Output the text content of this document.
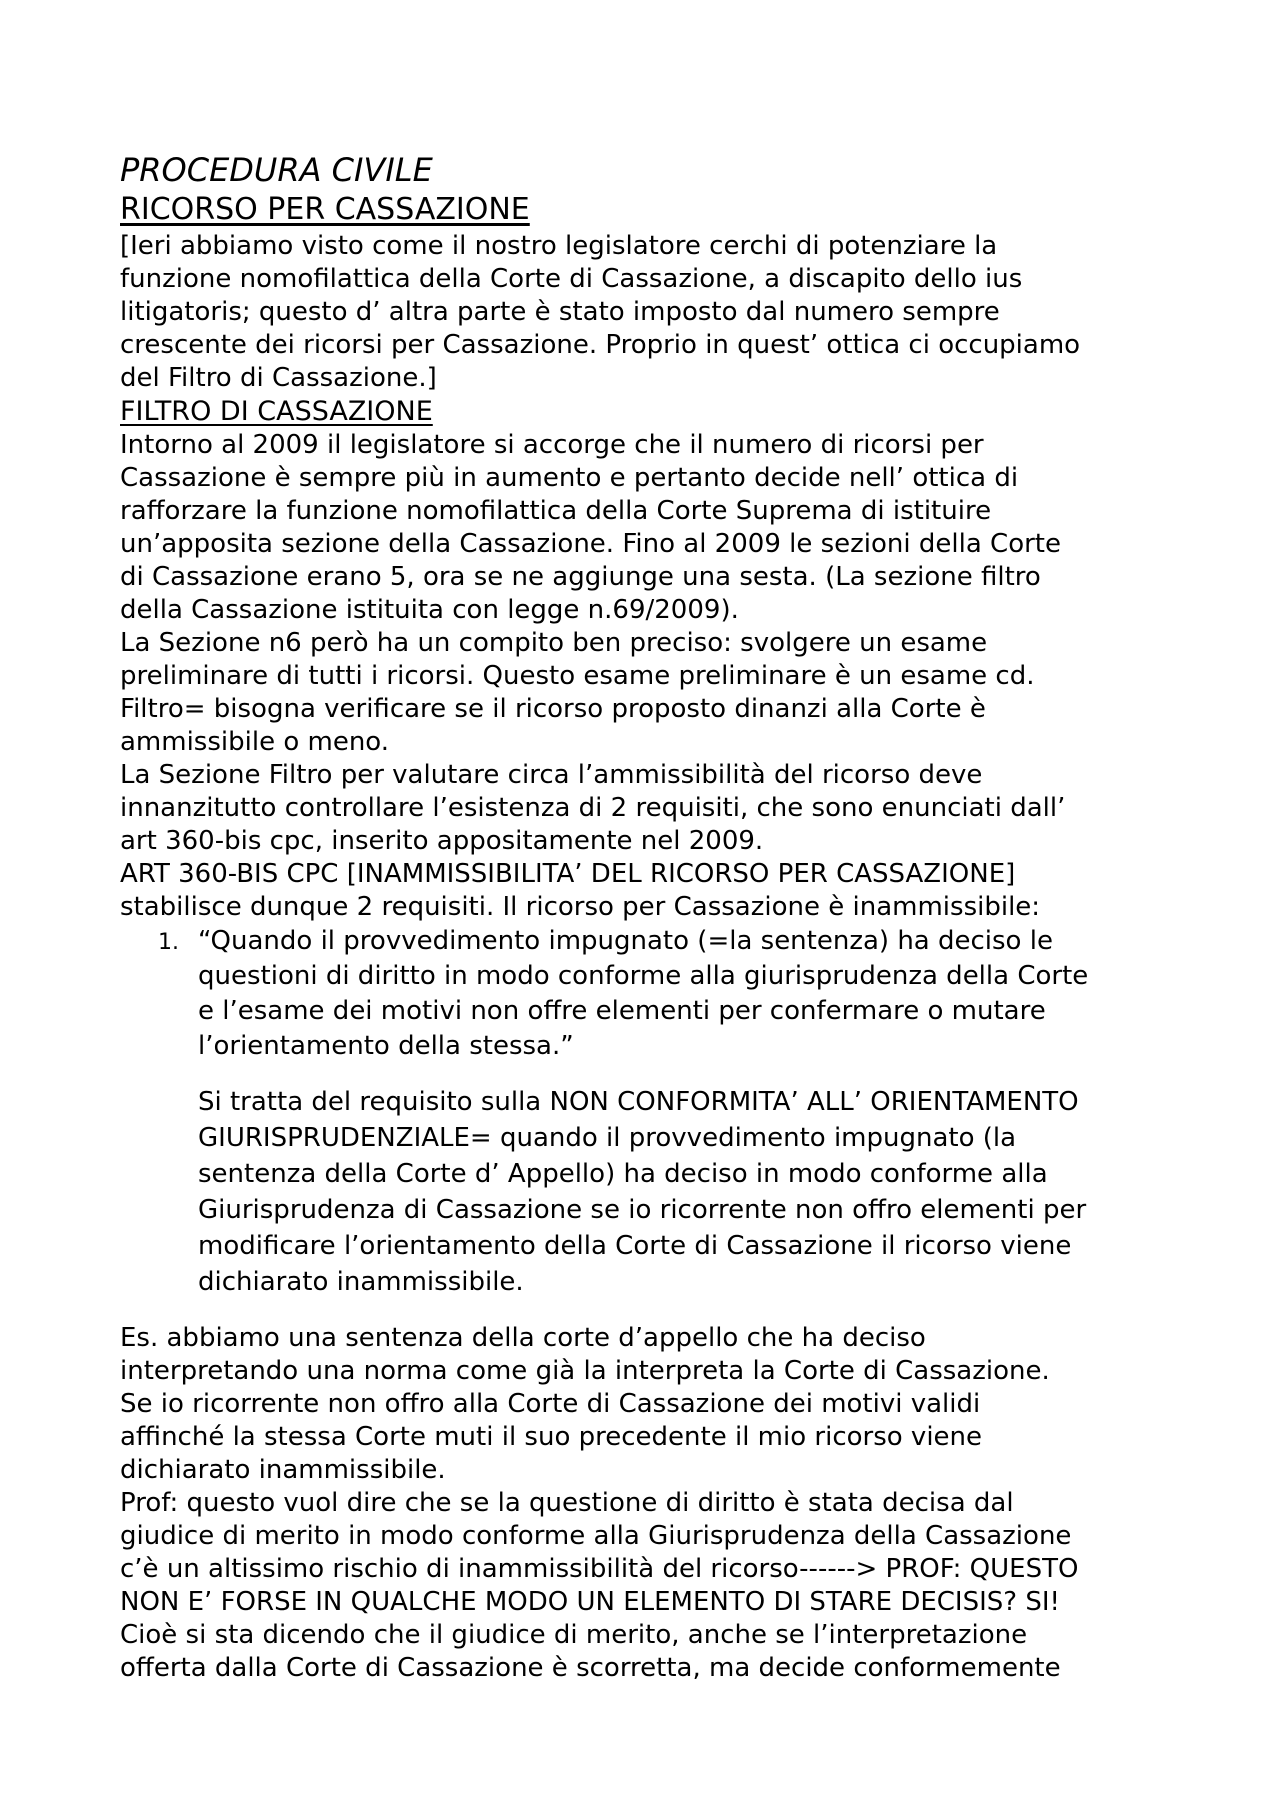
PROCEDURA CIVILE
RICORSO PER CASSAZIONE

[Ieri abbiamo visto come il nostro legislatore cerchi di potenziare la
funzione nomofilattica della Corte di Cassazione, a discapito dello ius
litigatoris; questo d’ altra parte è stato imposto dal numero sempre
crescente dei ricorsi per Cassazione. Proprio in quest’ ottica ci occupiamo
del Filtro di Cassazione.]

FILTRO DI CASSAZIONE

Intorno al 2009 il legislatore si accorge che il numero di ricorsi per
Cassazione è sempre più in aumento e pertanto decide nell’ ottica di
rafforzare la funzione nomofilattica della Corte Suprema di istituire
un’apposita sezione della Cassazione. Fino al 2009 le sezioni della Corte
di Cassazione erano 5, ora se ne aggiunge una sesta. (La sezione filtro
della Cassazione istituita con legge n.69/2009).

La Sezione n6 però ha un compito ben preciso: svolgere un esame
preliminare di tutti i ricorsi. Questo esame preliminare è un esame cd.
Filtro= bisogna verificare se il ricorso proposto dinanzi alla Corte è
ammissibile o meno.

La Sezione Filtro per valutare circa l’ammissibilità del ricorso deve
innanzitutto controllare l’esistenza di 2 requisiti, che sono enunciati dall’
art 360-bis cpc, inserito appositamente nel 2009.

ART 360-BIS CPC [INAMMISSIBILITA’ DEL RICORSO PER CASSAZIONE]
stabilisce dunque 2 requisiti. Il ricorso per Cassazione è inammissibile:

1. “Quando il provvedimento impugnato (=la sentenza) ha deciso le
questioni di diritto in modo conforme alla giurisprudenza della Corte
e l’esame dei motivi non offre elementi per confermare o mutare
l’orientamento della stessa.”

Si tratta del requisito sulla NON CONFORMITA’ ALL’ ORIENTAMENTO
GIURISPRUDENZIALE= quando il provvedimento impugnato (la
sentenza della Corte d’ Appello) ha deciso in modo conforme alla
Giurisprudenza di Cassazione se io ricorrente non offro elementi per
modificare l’orientamento della Corte di Cassazione il ricorso viene
dichiarato inammissibile.

Es. abbiamo una sentenza della corte d’appello che ha deciso
interpretando una norma come già la interpreta la Corte di Cassazione.
Se io ricorrente non offro alla Corte di Cassazione dei motivi validi
affinché la stessa Corte muti il suo precedente il mio ricorso viene
dichiarato inammissibile.

Prof: questo vuol dire che se la questione di diritto è stata decisa dal
giudice di merito in modo conforme alla Giurisprudenza della Cassazione
c’è un altissimo rischio di inammissibilità del ricorso------> PROF: QUESTO
NON E’ FORSE IN QUALCHE MODO UN ELEMENTO DI STARE DECISIS? SI!
Cioè si sta dicendo che il giudice di merito, anche se l’interpretazione
offerta dalla Corte di Cassazione è scorretta, ma decide conformemente
